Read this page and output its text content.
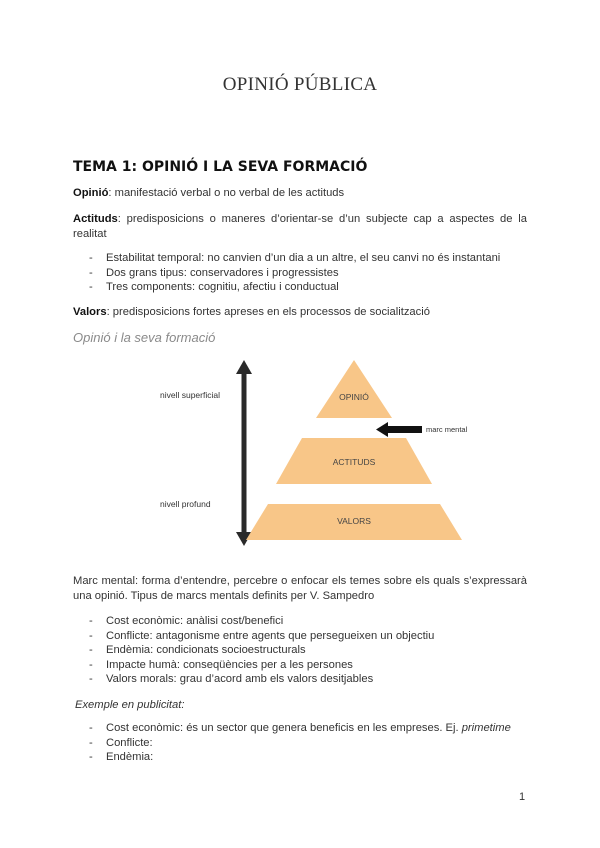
OPINIÓ PÚBLICA
TEMA 1: OPINIÓ I LA SEVA FORMACIÓ
Opinió: manifestació verbal o no verbal de les actituds
Actituds: predisposicions o maneres d’orientar-se d’un subjecte cap a aspectes de la realitat
- Estabilitat temporal: no canvien d’un dia a un altre, el seu canvi no és instantani
- Dos grans tipus: conservadores i progressistes
- Tres components: cognitiu, afectiu i conductual
Valors: predisposicions fortes apreses en els processos de socialització
Opinió i la seva formació
nivell superficial
nivell profund
OPINIÓ
ACTITUDS
VALORS
marc mental
Marc mental: forma d’entendre, percebre o enfocar els temes sobre els quals s’expressarà una opinió. Tipus de marcs mentals definits per V. Sampedro
- Cost econòmic: anàlisi cost/benefici
- Conflicte: antagonisme entre agents que persegueixen un objectiu
- Endèmia: condicionats socioestructurals
- Impacte humà: conseqüències per a les persones
- Valors morals: grau d’acord amb els valors desitjables
Exemple en publicitat:
- Cost econòmic: és un sector que genera beneficis en les empreses. Ej. primetime
- Conflicte:
- Endèmia:
1
